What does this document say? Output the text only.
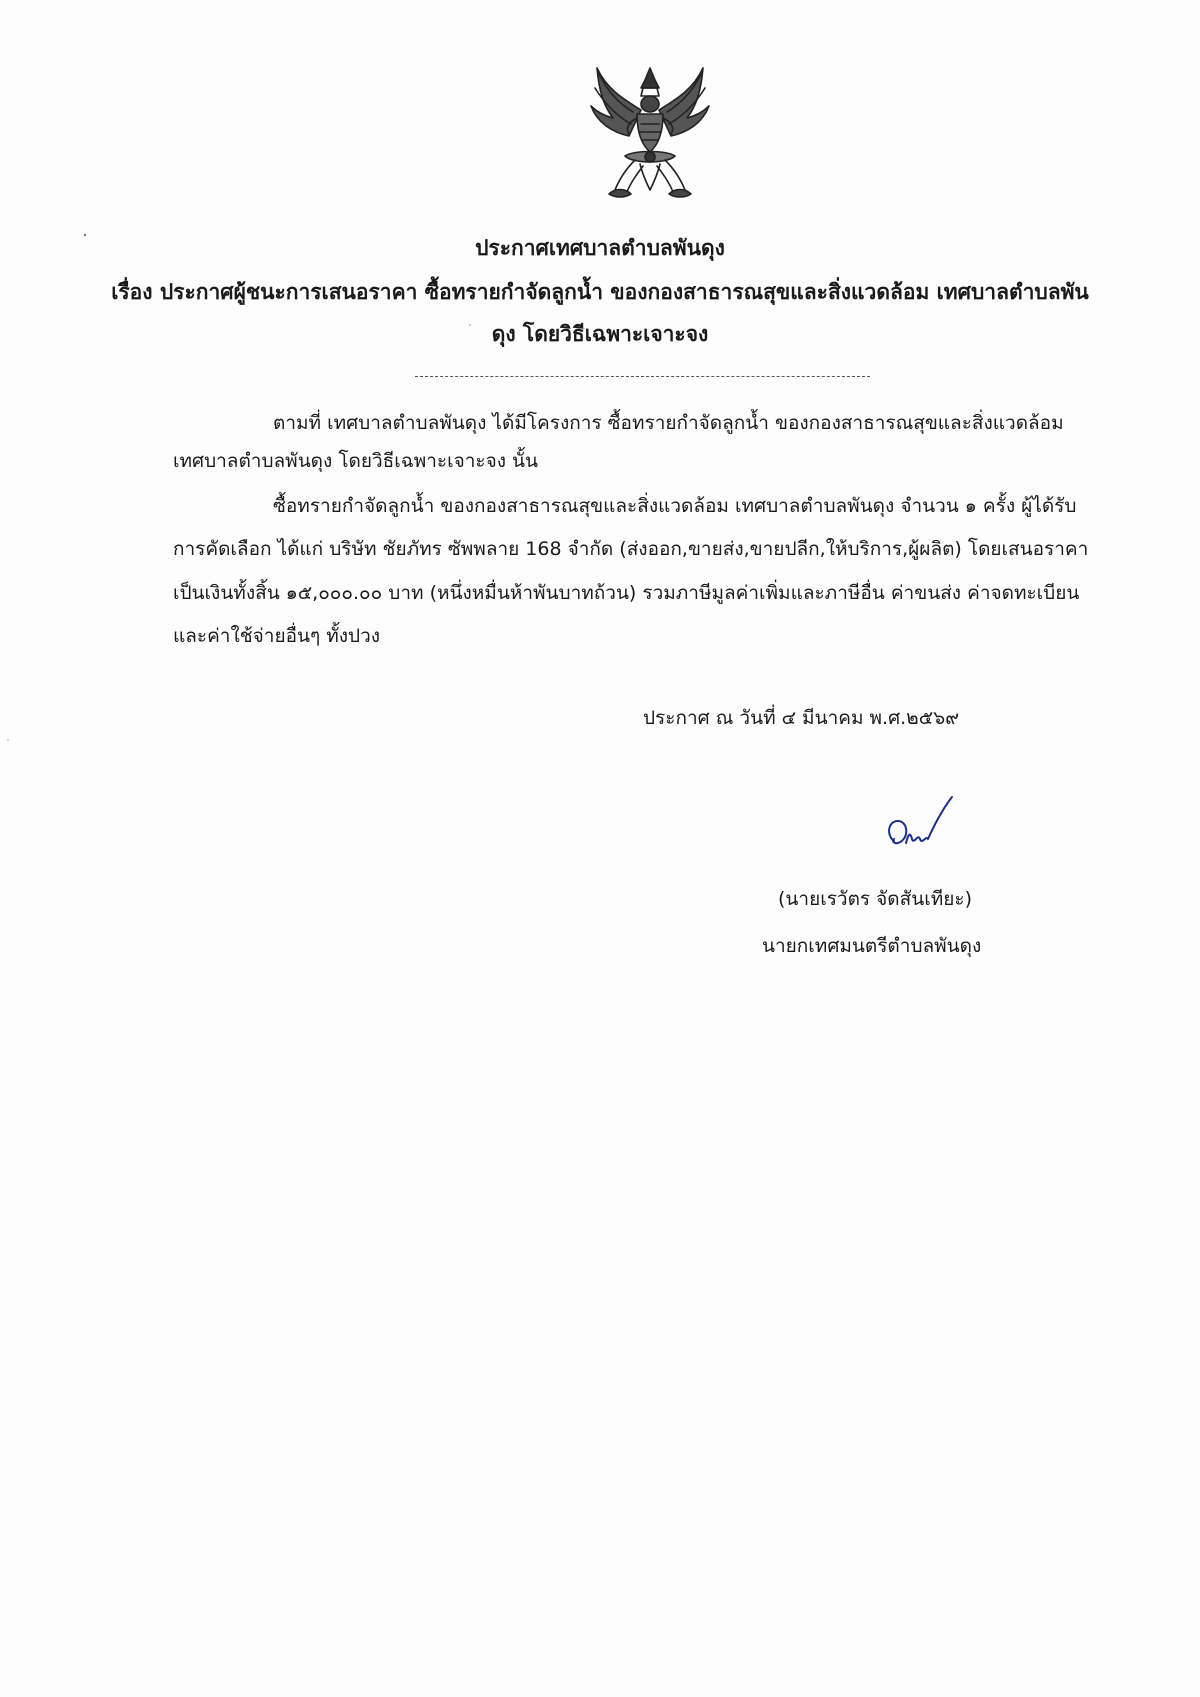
ประกาศเทศบาลตำบลพันดุง
เรื่อง ประกาศผู้ชนะการเสนอราคา ซื้อทรายกำจัดลูกน้ำ ของกองสาธารณสุขและสิ่งแวดล้อม เทศบาลตำบลพัน
ดุง โดยวิธีเฉพาะเจาะจง
ตามที่ เทศบาลตำบลพันดุง ได้มีโครงการ ซื้อทรายกำจัดลูกน้ำ ของกองสาธารณสุขและสิ่งแวดล้อม
เทศบาลตำบลพันดุง โดยวิธีเฉพาะเจาะจง นั้น
ซื้อทรายกำจัดลูกน้ำ ของกองสาธารณสุขและสิ่งแวดล้อม เทศบาลตำบลพันดุง จำนวน ๑ ครั้ง ผู้ได้รับ
การคัดเลือก ได้แก่ บริษัท ชัยภัทร ซัพพลาย 168 จำกัด (ส่งออก,ขายส่ง,ขายปลีก,ให้บริการ,ผู้ผลิต) โดยเสนอราคา
เป็นเงินทั้งสิ้น ๑๕,๐๐๐.๐๐ บาท (หนึ่งหมื่นห้าพันบาทถ้วน) รวมภาษีมูลค่าเพิ่มและภาษีอื่น ค่าขนส่ง ค่าจดทะเบียน
และค่าใช้จ่ายอื่นๆ ทั้งปวง
ประกาศ ณ วันที่ ๔ มีนาคม พ.ศ.๒๕๖๙
(นายเรวัตร จัดสันเทียะ)
นายกเทศมนตรีตำบลพันดุง
